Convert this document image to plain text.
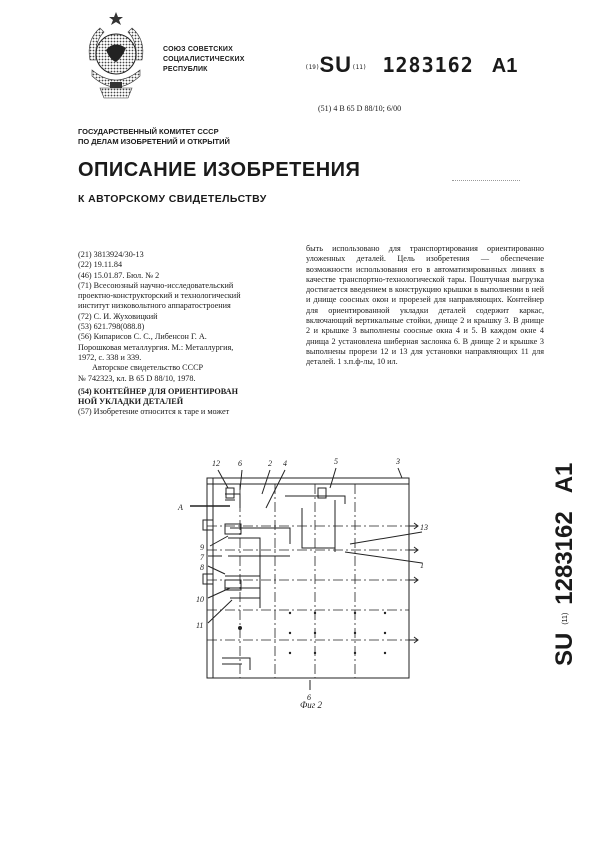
СОЮЗ СОВЕТСКИХ
СОЦИАЛИСТИЧЕСКИХ
РЕСПУБЛИК	(19)SU(11) 1283162 A1
(51) 4 B 65 D 88/10; 6/00
ГОСУДАРСТВЕННЫЙ КОМИТЕТ СССР
ПО ДЕЛАМ ИЗОБРЕТЕНИЙ И ОТКРЫТИЙ
ОПИСАНИЕ ИЗОБРЕТЕНИЯ
К АВТОРСКОМУ СВИДЕТЕЛЬСТВУ
(21) 3813924/30-13
(22) 19.11.84
(46) 15.01.87. Бюл. № 2
(71) Всесоюзный научно-исследовательский
проектно-конструкторский и технологический
институт низковольтного аппаратостроения
(72) С. И. Жуховицкий
(53) 621.798(088.8)
(56) Кипарисов С. С., Либенсон Г. А.
Порошковая металлургия. М.: Металлургия,
1972, с. 338 и 339.
Авторское свидетельство СССР
№ 742323, кл. В 65 D 88/10, 1978.
(54) КОНТЕЙНЕР ДЛЯ ОРИЕНТИРОВАН
НОЙ УКЛАДКИ ДЕТАЛЕЙ
(57) Изобретение относится к таре и может
быть использовано для транспортирования ориентированно уложенных деталей. Цель изобретения — обеспечение возможности использования его в автоматизированных линиях в качестве транспортно-технологической тары. Поштучная выгрузка достигается введением в конструкцию крышки в выполнении в ней и днище соосных окон и прорезей для направляющих. Контейнер для ориентированной укладки деталей содержит каркас, включающий вертикальные стойки, днище 2 и крышку 3. В днище 2 и крышке 3 выполнены соосные окна 4 и 5. В каждом окне 4 днища 2 установлена шиберная заслонка 6. В днище 2 и крышке 3 выполнены прорези 12 и 13 для установки направляющих 11 для деталей. 1 з.п.ф-лы, 10 ил.
SU(11)1283162A1
12 6	2 4	5	3
A
9
7
8
10
11
13
1
6
Фиг 2
